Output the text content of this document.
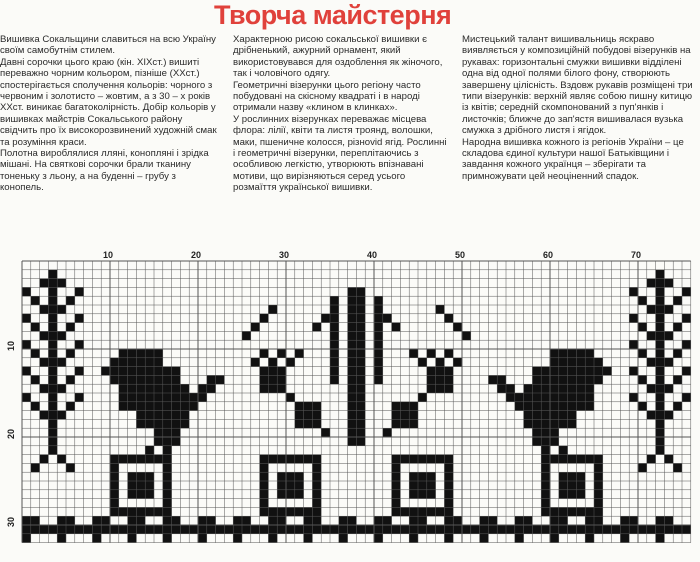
Творча майстерня

Вишивка Сокальщини славиться на всю Україну своїм самобутнім стилем.

Давні сорочки цього краю (кін. ХІХст.) вишиті переважно чорним кольором, пізніше (ХХст.) спостерігається сполучення кольорів: чорного з червоним і золотисто – жовтим, а з 30 – х років ХХст. виникає багатоколірність. Добір кольорів у вишивках майстрів Сокальського району свідчить про їх високорозвинений художній смак та розуміння краси.

Полотна вироблялися лляні, конопляні і зрідка мішані. На святкові сорочки брали тканину тоненьку з льону, а на буденні – грубу з конопель.

Характерною рисою сокальської вишивки є дрібненький, ажурний орнамент, який використовувався для оздоблення як жіночого, так і чоловічого одягу.

Геометричні візерунки цього регіону часто побудовані на скісному квадраті і в народі отримали назву «клином в клинках».

У рослинних візерунках переважає місцева флора: лілії, квіти та листя троянд, волошки, маки, пшеничне колосся, різноvid ягід. Рослинні і геометричні візерунки, переплітаючись з особливою легкістю, утворюють впізнавані мотиви, що вирізняються серед усього розмаїття української вишивки.

Мистецький талант вишивальниць яскраво виявляється у композиційній побудові візерунків на рукавах: горизонтальні смужки вишивки відділені одна від одної полями білого фону, створюють завершену цілісність. Вздовж рукавів розміщені три типи візерунків: верхній являє собою пишну китицю із квітів; середній скомпонований з пуп'янків і листочків; ближче до зап'ястя вишивалася вузька смужка з дрібного листя і ягідок.

Народна вишивка кожного із регіонів України – це складова єдиної культури нашої Батьківщини і завдання кожного українця – зберігати та примножувати цей неоціненний спадок.

10	20	30	40	50	60	70
10
20
30
